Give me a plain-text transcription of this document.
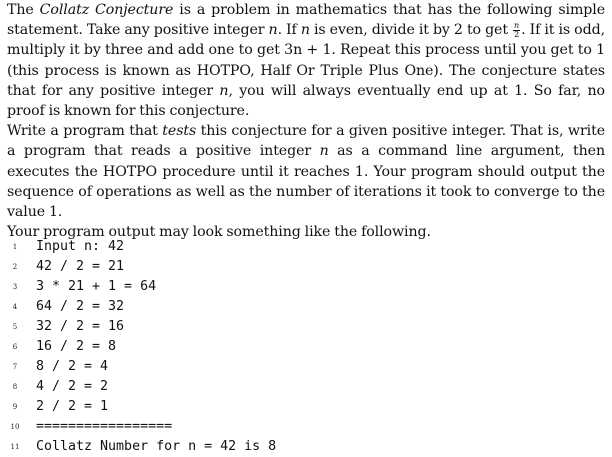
The Collatz Conjecture is a problem in mathematics that has the following simple statement. Take any positive integer n. If n is even, divide it by 2 to get $\frac{n}{2}$ . If it is odd, multiply it by three and add one to get 3n + 1. Repeat this process until you get to 1 (this process is known as HOTPO, Half Or Triple Plus One). The conjecture states that for any positive integer n, you will always eventually end up at 1. So far, no proof is known for this conjecture.

Write a program that tests this conjecture for a given positive integer. That is, write a program that reads a positive integer n as a command line argument, then executes the HOTPO procedure until it reaches 1. Your program should output the sequence of operations as well as the number of iterations it took to converge to the value 1.

Your program output may look something like the following.

1	Input n: 42
2	42 / 2 = 21
3	3 * 21 + 1 = 64
4	64 / 2 = 32
5	32 / 2 = 16
6	16 / 2 = 8
7	8 / 2 = 4
8	4 / 2 = 2
9	2 / 2 = 1
10 =================
11 Collatz Number for n = 42 is 8
